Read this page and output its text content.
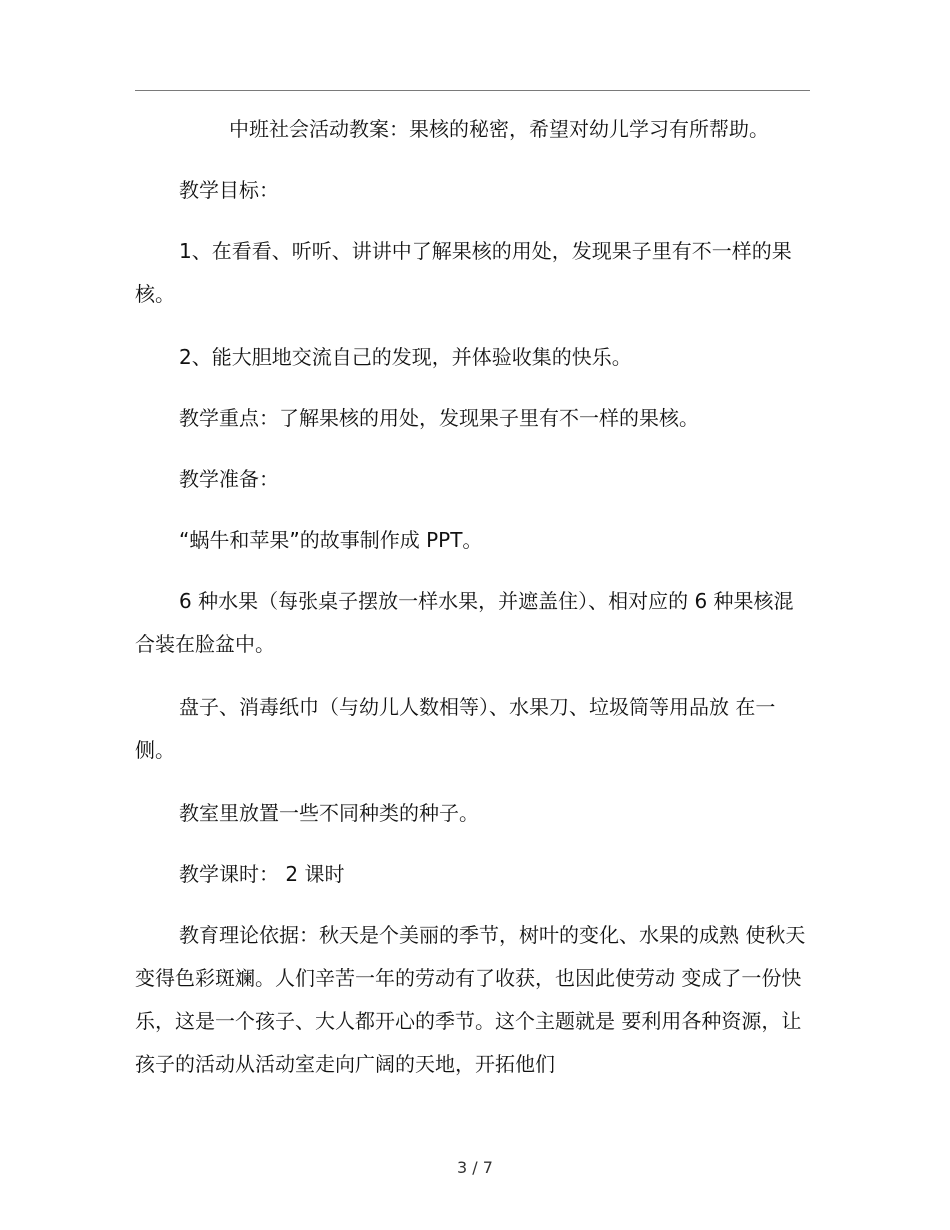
中班社会活动教案：果核的秘密，希望对幼儿学习有所帮助。

教学目标：

1、在看看、听听、讲讲中了解果核的用处，发现果子里有不一样的果核。

2、能大胆地交流自己的发现，并体验收集的快乐。

教学重点：了解果核的用处，发现果子里有不一样的果核。

教学准备：

“蜗牛和苹果”的故事制作成 PPT。

6 种水果（每张桌子摆放一样水果，并遮盖住）、相对应的 6 种果核混合装在脸盆中。

盘子、消毒纸巾（与幼儿人数相等）、水果刀、垃圾筒等用品放 在一侧。

教室里放置一些不同种类的种子。

教学课时： 2 课时

教育理论依据：秋天是个美丽的季节，树叶的变化、水果的成熟 使秋天变得色彩斑斓。人们辛苦一年的劳动有了收获，也因此使劳动 变成了一份快乐，这是一个孩子、大人都开心的季节。这个主题就是 要利用各种资源，让孩子的活动从活动室走向广阔的天地，开拓他们

3 / 7
